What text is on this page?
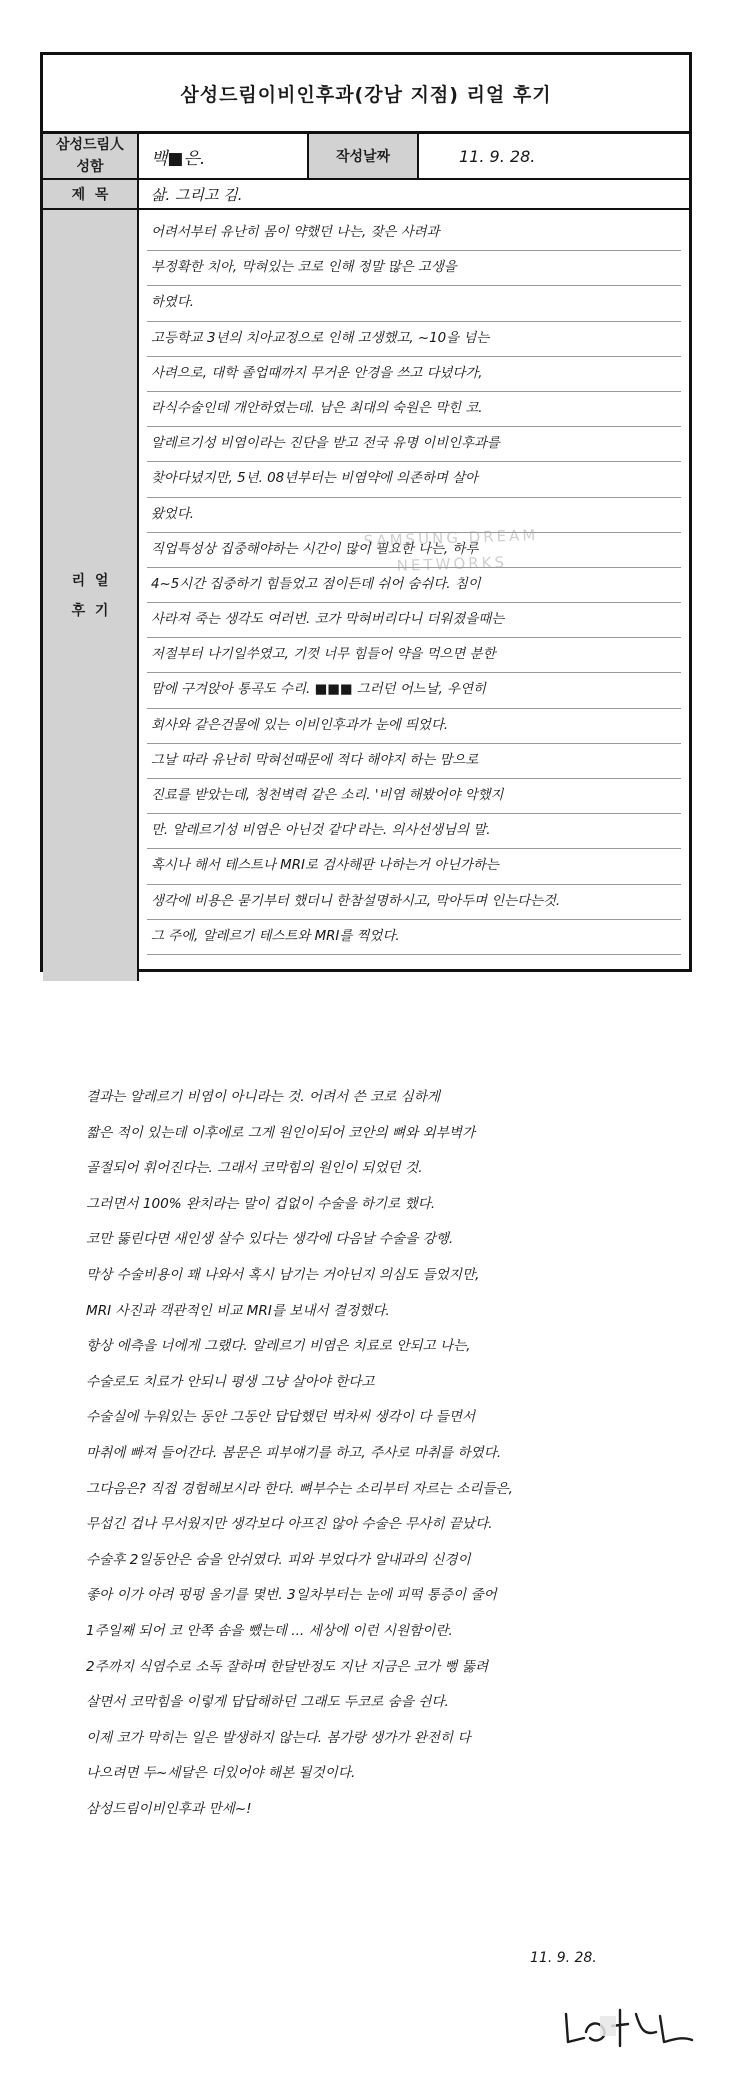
삼성드림이비인후과(강남 지점) 리얼 후기
삼성드림人
성함	백■은.	작성날짜	11. 9. 28.
제  목	삶. 그리고 김.
리  얼
후  기
SAMSUNG DREAM
NETWORKS
어려서부터 유난히 몸이 약했던 나는, 잦은 사려과
부정확한 치아, 막혀있는 코로 인해 정말 많은 고생을
하였다.
고등학교 3년의 치아교정으로 인해 고생했고, ~10을 넘는
사려으로, 대학 졸업때까지 무거운 안경을 쓰고 다녔다가,
라식수술인데 개안하였는데. 남은 최대의 숙원은 막힌 코.
알레르기성 비염이라는 진단을 받고 전국 유명 이비인후과를
찾아다녔지만, 5년. 08년부터는 비염약에 의존하며 살아
왔었다.
직업특성상 집중해야하는 시간이 많이 필요한 나는, 하루
4~5시간 집중하기 힘들었고 점이든데 쉬어 숨쉬다. 침이
사라져 죽는 생각도 여러번. 코가 막혀버리다니 더워졌을때는
저절부터 나기일쑤였고, 기껏 너무 힘들어 약을 먹으면 분한
맘에 구겨앉아 통곡도 수리. ■■■ 그러던 어느날, 우연히
회사와 같은건물에 있는 이비인후과가 눈에 띄었다.
그날 따라 유난히 막혀선때문에 적다 해야지 하는 맘으로
진료를 받았는데, 청천벽력 같은 소리. '비염 해봤어야 악했지
만. 알레르기성 비염은 아닌것 같다'라는. 의사선생님의 말.
혹시나 해서 테스트나 MRI로 검사해판 나하는거 아닌가하는
생각에 비용은 묻기부터 했더니 한참설명하시고, 막아두며 인는다는것.
그 주에, 알레르기 테스트와 MRI를 찍었다.
결과는 알레르기 비염이 아니라는 것. 어려서 쓴 코로 심하게
짧은 적이 있는데 이후에로 그게 원인이되어 코안의 뼈와 외부벽가
골절되어 휘어진다는. 그래서 코막힘의 원인이 되었던 것.
그러면서 100% 완치라는 말이 겁없이 수술을 하기로 했다.
코만 뚫린다면 새인생 살수 있다는 생각에 다음날 수술을 강행.
막상 수술비용이 꽤 나와서 혹시 남기는 거아닌지 의심도 들었지만,
MRI 사진과 객관적인 비교 MRI를 보내서 결정했다.
항상 에측을 너에게 그랬다. 알레르기 비염은 치료로 안되고 나는,
수술로도 치료가 안되니 평생 그냥 살아야 한다고
수술실에 누워있는 동안 그동안 답답했던 벅차씨 생각이 다 들면서
마취에 빠져 들어간다. 봄문은 피부얘기를 하고, 주사로 마취를 하였다.
그다음은? 직접 경험해보시라 한다. 뼈부수는 소리부터 자르는 소리들은,
무섭긴 겁나 무서웠지만 생각보다 아프진 않아 수술은 무사히 끝났다.
수술후 2일동안은 숨을 안쉬였다. 피와 부었다가 알내과의 신경이
좋아 이가 아려 펑펑 울기를 몇번. 3일차부터는 눈에 피떡 통증이 줄어
1주일째 되어 코 안쪽 솜을 뺐는데 ... 세상에 이런 시원함이란.
2주까지 식염수로 소독 잘하며 한달반정도 지난 지금은 코가 뻥 뚫려
살면서 코막힘을 이렇게 답답해하던 그래도 두코로 숨을 쉰다.
이제 코가 막히는 일은 발생하지 않는다. 봄가랑 생가가 완전히 다
나으려면 두~세달은 더있어야 해본 될것이다.
삼성드림이비인후과 만세~!
11. 9. 28.
